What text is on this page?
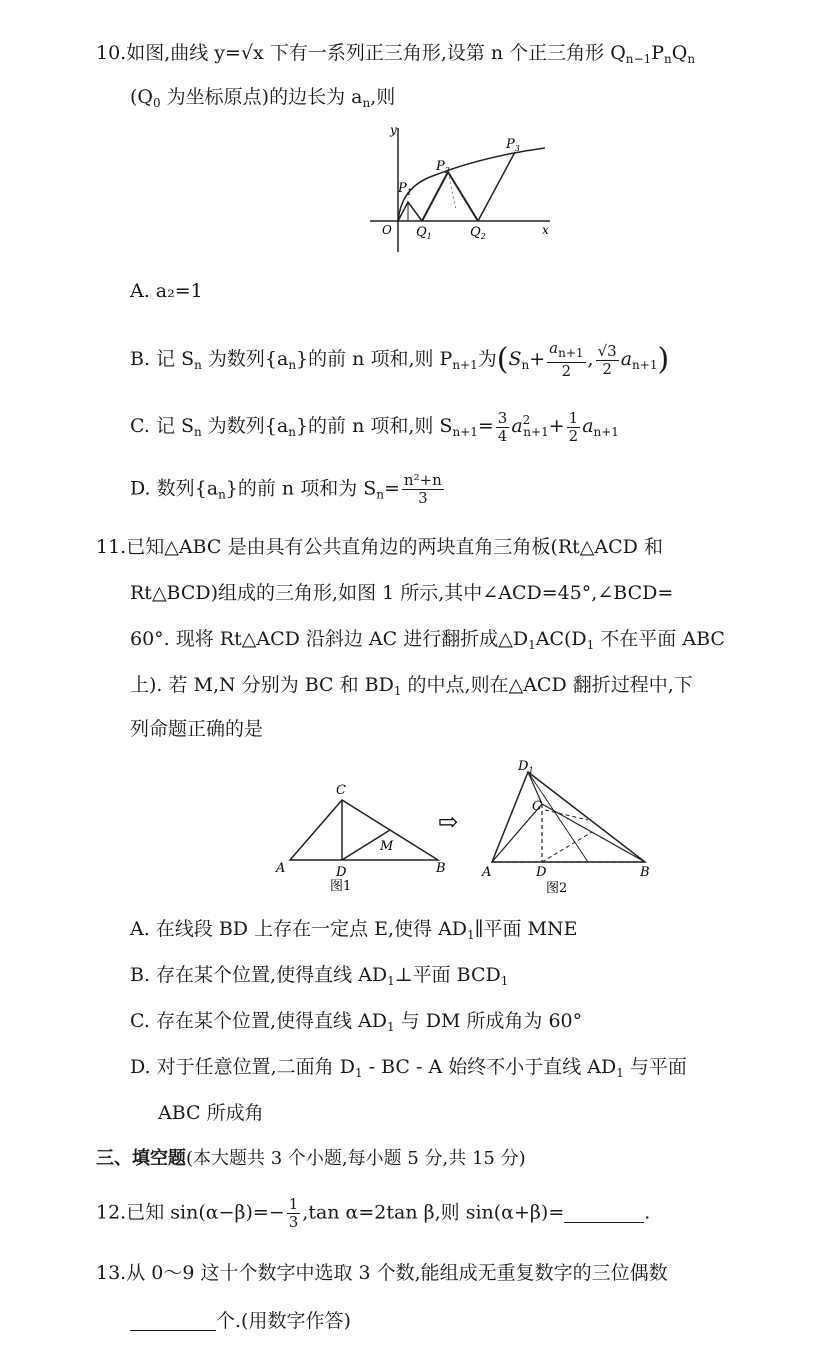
10.如图,曲线 y=√x 下有一系列正三角形,设第 n 个正三角形 $Q_{n-1}P_nQ_n$
($Q_0$ 为坐标原点)的边长为 $a_n$,则
y
x
O
$P_1$
$P_2$
$P_3$
$Q_1$	$Q_2$
A. a₂=1
B. 记 $S_n$ 为数列$\{a_n\}$的前 n 项和,则 $P_{n+1}$为($S_n+ \frac{a_{n+1}}{2}$ , $\frac{√3}{2} a_{n+1}$)
C. 记 $S_n$ 为数列$\{a_n\}$的前 n 项和,则 $S_{n+1}= \frac{3}{4} a^2_{n+1}+ \frac{1}{2} a_{n+1}$
D. 数列$\{a_n\}$的前 n 项和为 $S_n= \frac{\text{n²+n}}{3}$
11.已知△ABC 是由具有公共直角边的两块直角三角板(Rt△ACD 和
Rt△BCD)组成的三角形,如图 1 所示,其中∠ACD=45°,∠BCD=
60°. 现将 Rt△ACD 沿斜边 AC 进行翻折成$\triangle D_1AC(D_1$ 不在平面 ABC
上). 若 M,N 分别为 BC 和 $BD_1$ 的中点,则在△ACD 翻折过程中,下
列命题正确的是
C
A	D	B
M
图1
⇨
$D_1$
C
A	D	B
图2
A. 在线段 BD 上存在一定点 E,使得 $AD_1\parallel$平面 MNE
B. 存在某个位置,使得直线 $AD_1\perp$平面 $BCD_1$
C. 存在某个位置,使得直线 $AD_1$ 与 DM 所成角为 60°
D. 对于任意位置,二面角 $D_1$ - BC - A 始终不小于直线 $AD_1$ 与平面
ABC 所成角
三、填空题(本大题共 3 个小题,每小题 5 分,共 15 分)
12.已知 $\sin(\alpha-\beta)=- \frac{1}{3} ,\tan$ α=2tan β,则 sin(α+β)=	.
13.从 0～9 这十个数字中选取 3 个数,能组成无重复数字的三位偶数
个.(用数字作答)
